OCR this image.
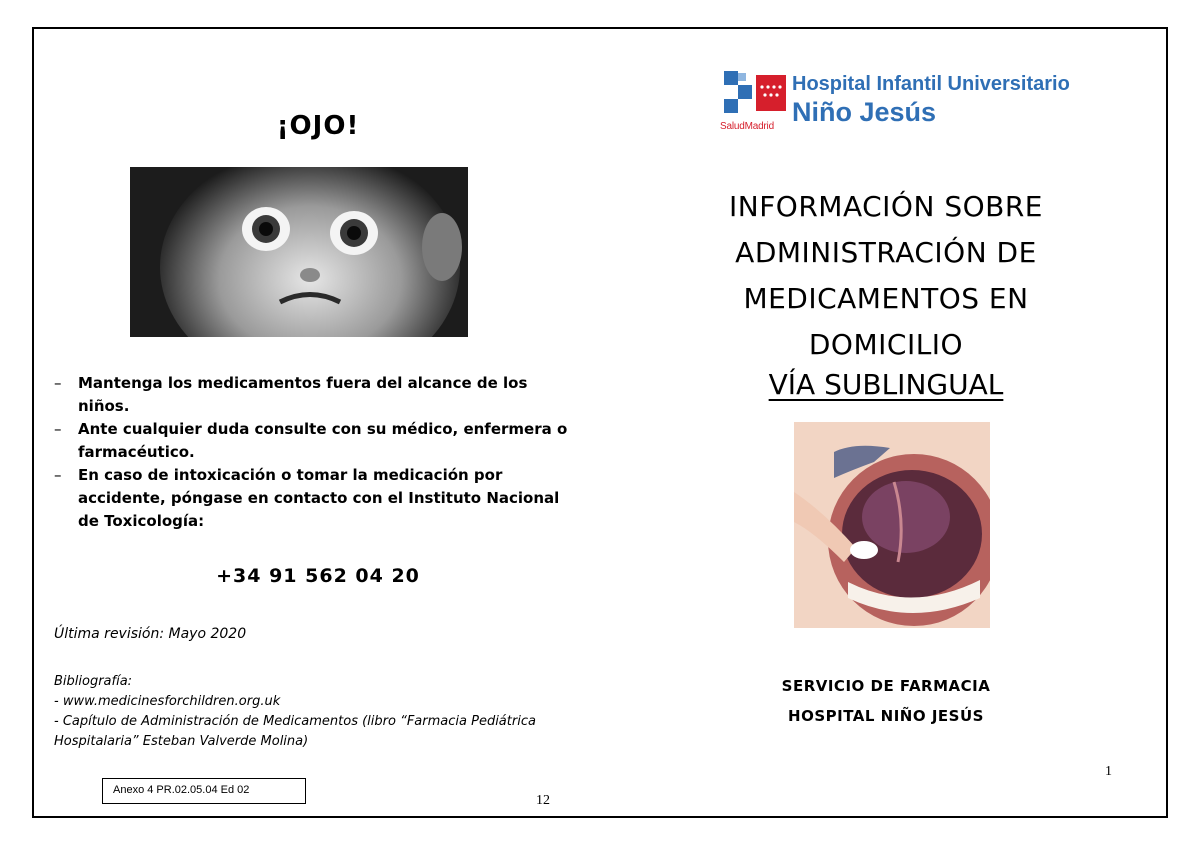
¡OJO!
– Mantenga los medicamentos fuera del alcance de los niños.
– Ante cualquier duda consulte con su médico, enfermera o farmacéutico.
– En caso de intoxicación o tomar la medicación por accidente, póngase en contacto con el Instituto Nacional de Toxicología:
+34 91 562 04 20
Última revisión: Mayo 2020
Bibliografía:
- www.medicinesforchildren.org.uk
- Capítulo de Administración de Medicamentos (libro “Farmacia Pediátrica Hospitalaria” Esteban Valverde Molina)
Anexo 4 PR.02.05.04 Ed 02
12
SaludMadrid
Hospital Infantil Universitario
Niño Jesús
INFORMACIÓN SOBRE
ADMINISTRACIÓN DE
MEDICAMENTOS EN
DOMICILIO
VÍA SUBLINGUAL
SERVICIO DE FARMACIA
HOSPITAL NIÑO JESÚS
1
